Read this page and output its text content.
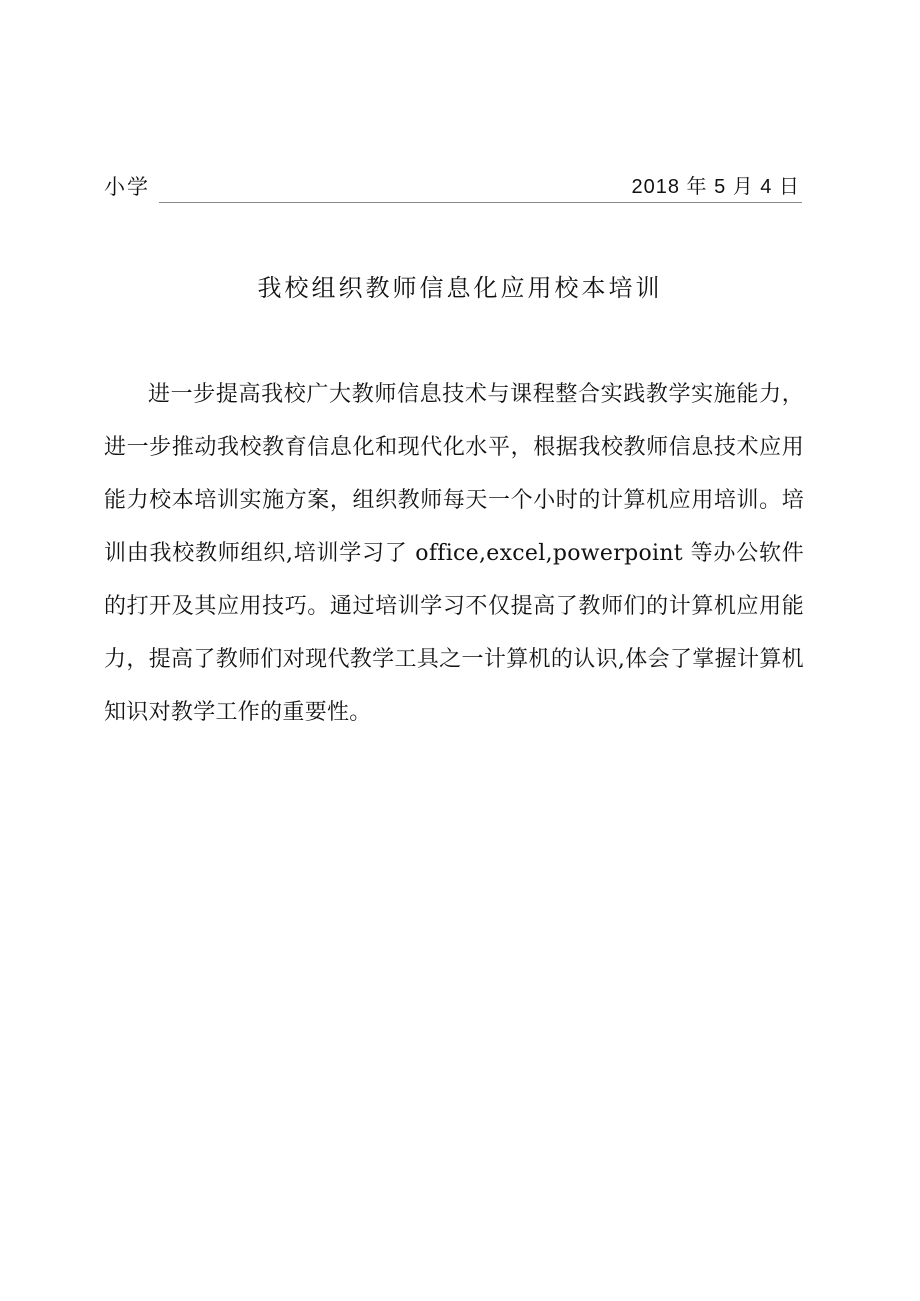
小学	2018 年 5 月 4 日
我校组织教师信息化应用校本培训

进一步提高我校广大教师信息技术与课程整合实践教学实施能力，进一步推动我校教育信息化和现代化水平，根据我校教师信息技术应用能力校本培训实施方案，组织教师每天一个小时的计算机应用培训。培训由我校教师组织,培训学习了 office,excel,powerpoint 等办公软件的打开及其应用技巧。通过培训学习不仅提高了教师们的计算机应用能力，提高了教师们对现代教学工具之一计算机的认识,体会了掌握计算机知识对教学工作的重要性。
